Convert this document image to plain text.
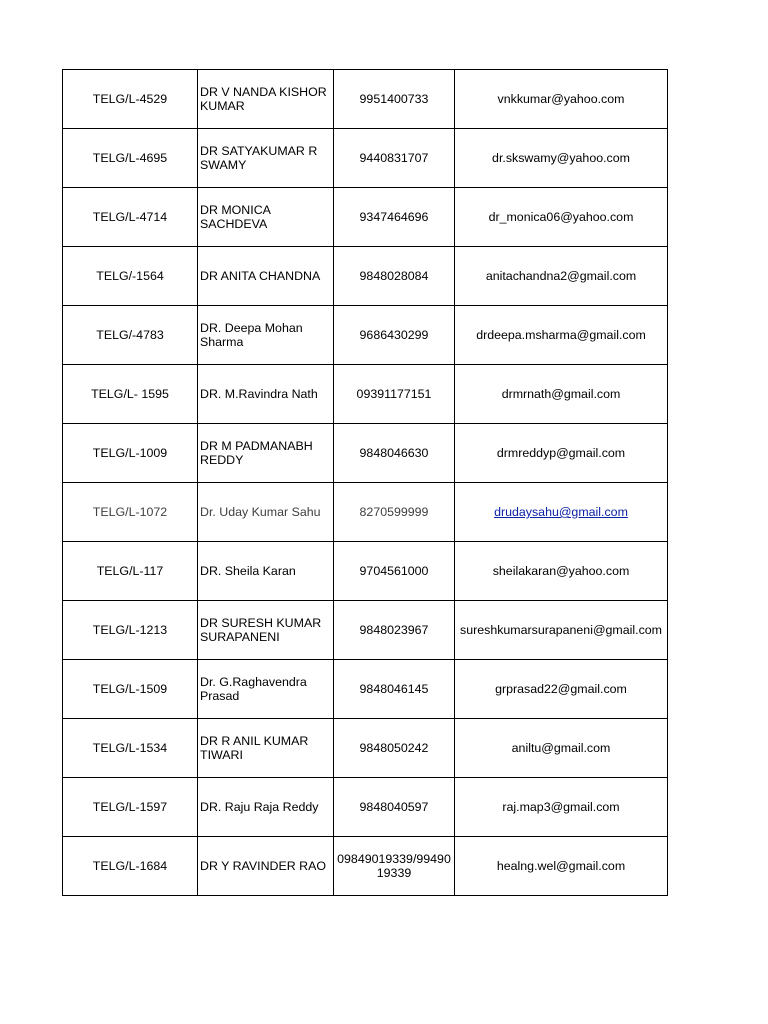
TELG/L-4529	DR V NANDA KISHOR KUMAR	9951400733	vnkkumar@yahoo.com
TELG/L-4695	DR SATYAKUMAR R SWAMY	9440831707	dr.skswamy@yahoo.com
TELG/L-4714	DR MONICA SACHDEVA	9347464696	dr_monica06@yahoo.com
TELG/-1564	DR ANITA CHANDNA	9848028084	anitachandna2@gmail.com
TELG/-4783	DR. Deepa Mohan Sharma	9686430299	drdeepa.msharma@gmail.com
TELG/L- 1595	DR. M.Ravindra Nath	09391177151	drmrnath@gmail.com
TELG/L-1009	DR M PADMANABH REDDY	9848046630	drmreddyp@gmail.com
TELG/L-1072	Dr. Uday Kumar Sahu	8270599999	drudaysahu@gmail.com
TELG/L-117	DR. Sheila Karan	9704561000	sheilakaran@yahoo.com
TELG/L-1213	DR SURESH KUMAR SURAPANENI	9848023967	sureshkumarsurapaneni@gmail.com
TELG/L-1509	Dr. G.Raghavendra Prasad	9848046145	grprasad22@gmail.com
TELG/L-1534	DR R ANIL KUMAR TIWARI	9848050242	aniltu@gmail.com
TELG/L-1597	DR. Raju Raja Reddy	9848040597	raj.map3@gmail.com
TELG/L-1684	DR Y RAVINDER RAO	09849019339/9949019339	healng.wel@gmail.com
